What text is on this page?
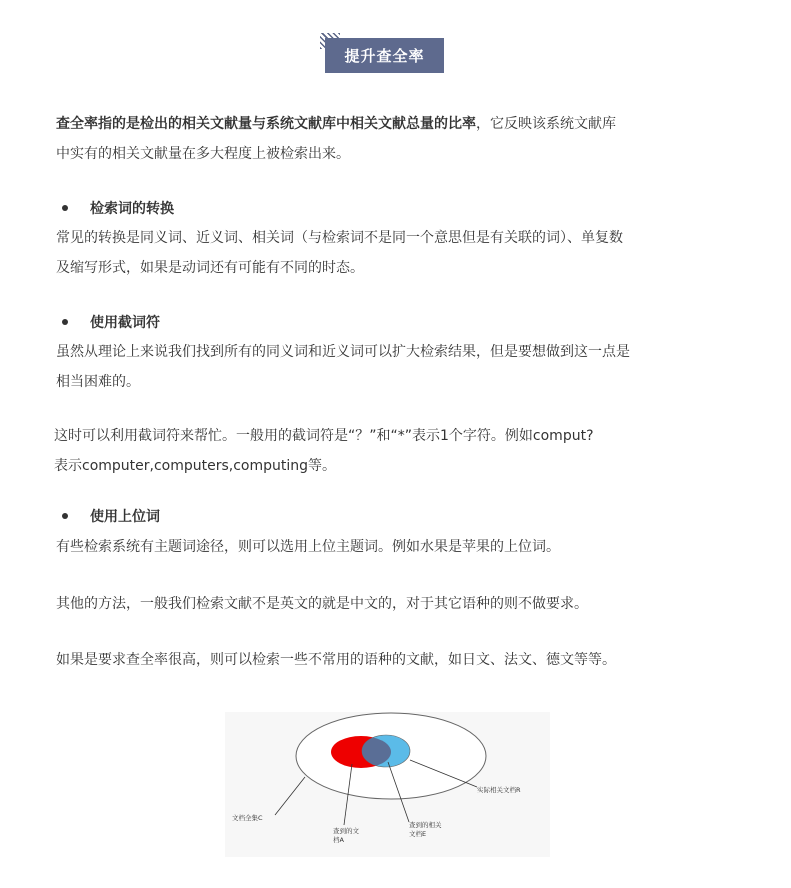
提升查全率

查全率指的是检出的相关文献量与系统文献库中相关文献总量的比率，它反映该系统文献库
中实有的相关文献量在多大程度上被检索出来。

检索词的转换

常见的转换是同义词、近义词、相关词（与检索词不是同一个意思但是有关联的词）、单复数
及缩写形式，如果是动词还有可能有不同的时态。

使用截词符

虽然从理论上来说我们找到所有的同义词和近义词可以扩大检索结果，但是要想做到这一点是
相当困难的。

这时可以利用截词符来帮忙。一般用的截词符是“？”和“*”表示1个字符。例如comput?
表示computer,computers,computing等。

使用上位词

有些检索系统有主题词途径，则可以选用上位主题词。例如水果是苹果的上位词。

其他的方法，一般我们检索文献不是英文的就是中文的，对于其它语种的则不做要求。

如果是要求查全率很高，则可以检索一些不常用的语种的文献，如日文、法文、德文等等。

文档全集C
查到的文
档A
查到的相关
文档E
实际相关文档R
